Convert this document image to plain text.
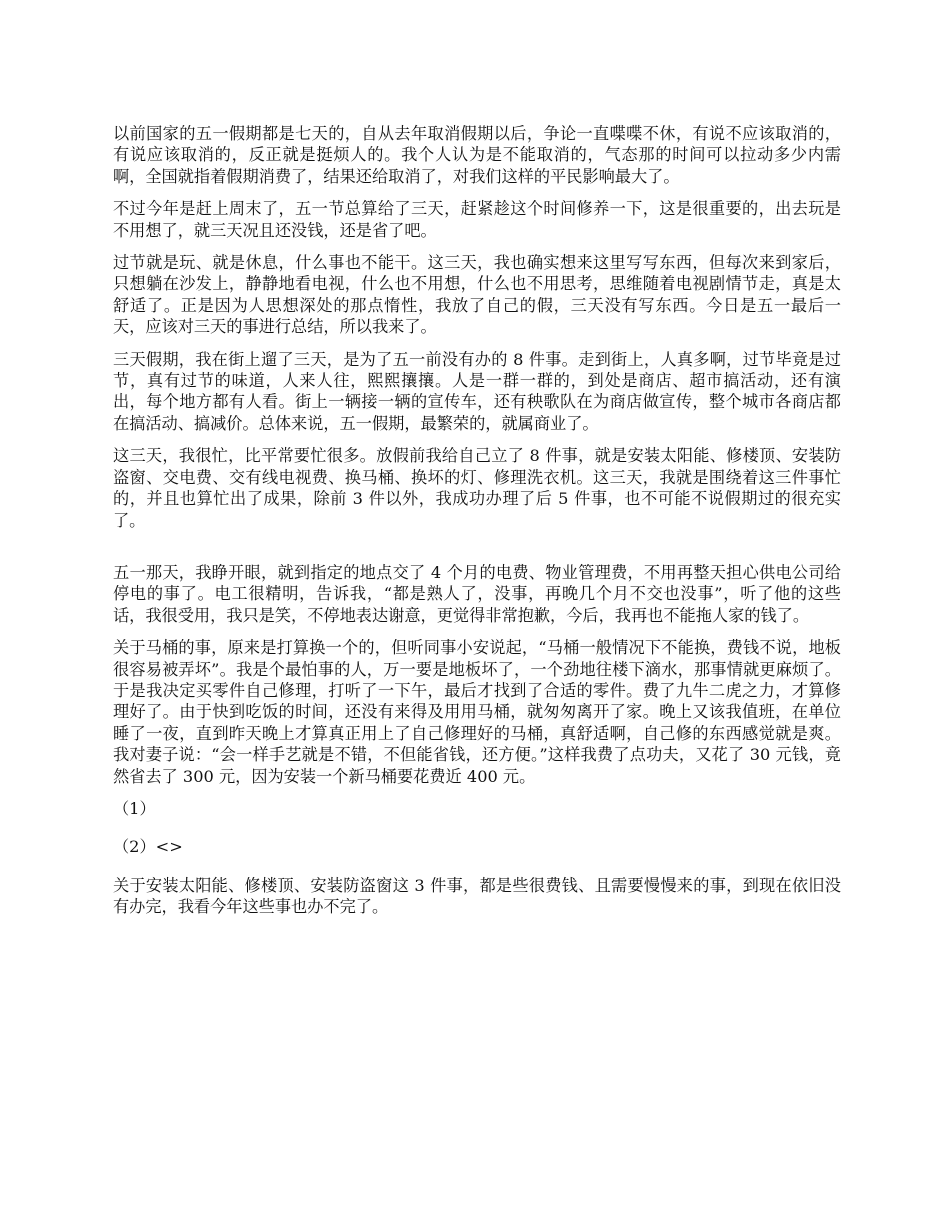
以前国家的五一假期都是七天的，自从去年取消假期以后，争论一直喋喋不休，有说不应该取消的，有说应该取消的，反正就是挺烦人的。我个人认为是不能取消的，气态那的时间可以拉动多少内需啊，全国就指着假期消费了，结果还给取消了，对我们这样的平民影响最大了。

不过今年是赶上周末了，五一节总算给了三天，赶紧趁这个时间修养一下，这是很重要的，出去玩是不用想了，就三天况且还没钱，还是省了吧。

过节就是玩、就是休息，什么事也不能干。这三天，我也确实想来这里写写东西，但每次来到家后，只想躺在沙发上，静静地看电视，什么也不用想，什么也不用思考，思维随着电视剧情节走，真是太舒适了。正是因为人思想深处的那点惰性，我放了自己的假，三天没有写东西。今日是五一最后一天，应该对三天的事进行总结，所以我来了。

三天假期，我在街上遛了三天，是为了五一前没有办的 8 件事。走到街上，人真多啊，过节毕竟是过节，真有过节的味道，人来人往，熙熙攘攘。人是一群一群的，到处是商店、超市搞活动，还有演出，每个地方都有人看。街上一辆接一辆的宣传车，还有秧歌队在为商店做宣传，整个城市各商店都在搞活动、搞减价。总体来说，五一假期，最繁荣的，就属商业了。

这三天，我很忙，比平常要忙很多。放假前我给自己立了 8 件事，就是安装太阳能、修楼顶、安装防盗窗、交电费、交有线电视费、换马桶、换坏的灯、修理洗衣机。这三天，我就是围绕着这三件事忙的，并且也算忙出了成果，除前 3 件以外，我成功办理了后 5 件事，也不可能不说假期过的很充实了。

五一那天，我睁开眼，就到指定的地点交了 4 个月的电费、物业管理费，不用再整天担心供电公司给停电的事了。电工很精明，告诉我，“都是熟人了，没事，再晚几个月不交也没事”，听了他的这些话，我很受用，我只是笑，不停地表达谢意，更觉得非常抱歉，今后，我再也不能拖人家的钱了。

关于马桶的事，原来是打算换一个的，但听同事小安说起，“马桶一般情况下不能换，费钱不说，地板很容易被弄坏”。我是个最怕事的人，万一要是地板坏了，一个劲地往楼下滴水，那事情就更麻烦了。于是我决定买零件自己修理，打听了一下午，最后才找到了合适的零件。费了九牛二虎之力，才算修理好了。由于快到吃饭的时间，还没有来得及用用马桶，就匆匆离开了家。晚上又该我值班，在单位睡了一夜，直到昨天晚上才算真正用上了自己修理好的马桶，真舒适啊，自己修的东西感觉就是爽。我对妻子说：“会一样手艺就是不错，不但能省钱，还方便。”这样我费了点功夫，又花了 30 元钱，竟然省去了 300 元，因为安装一个新马桶要花费近 400 元。

（1）

（2）<>

关于安装太阳能、修楼顶、安装防盗窗这 3 件事，都是些很费钱、且需要慢慢来的事，到现在依旧没有办完，我看今年这些事也办不完了。
